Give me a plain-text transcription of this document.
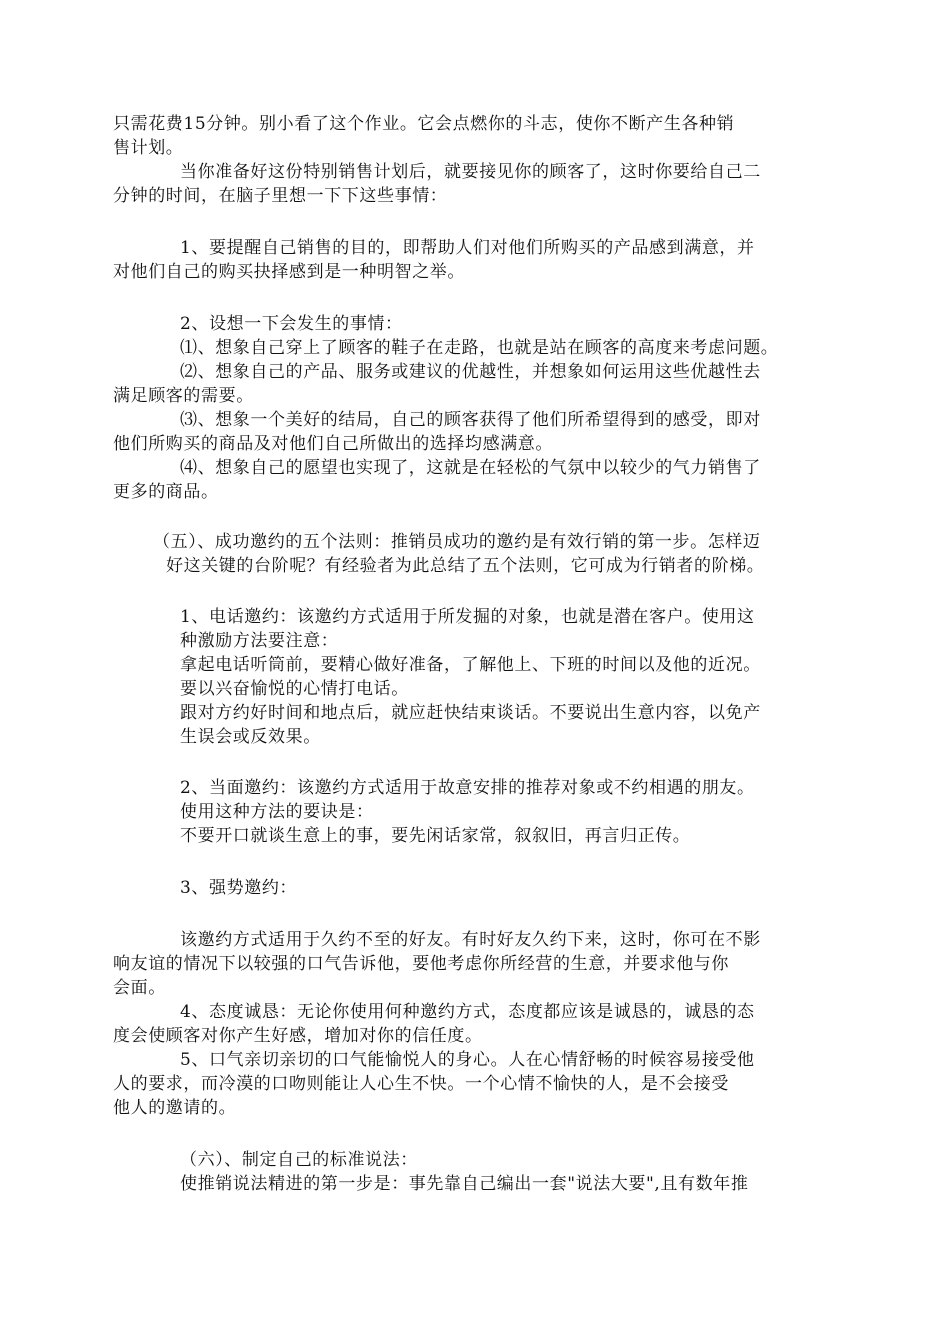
只需花费15分钟。别小看了这个作业。它会点燃你的斗志，使你不断产生各种销
售计划。
当你准备好这份特别销售计划后，就要接见你的顾客了，这时你要给自己二
分钟的时间，在脑子里想一下下这些事情：
1、要提醒自己销售的目的，即帮助人们对他们所购买的产品感到满意，并
对他们自己的购买抉择感到是一种明智之举。
2、设想一下会发生的事情：
⑴、想象自己穿上了顾客的鞋子在走路，也就是站在顾客的高度来考虑问题。
⑵、想象自己的产品、服务或建议的优越性，并想象如何运用这些优越性去
满足顾客的需要。
⑶、想象一个美好的结局，自己的顾客获得了他们所希望得到的感受，即对
他们所购买的商品及对他们自己所做出的选择均感满意。
⑷、想象自己的愿望也实现了，这就是在轻松的气氛中以较少的气力销售了
更多的商品。
（五）、成功邀约的五个法则：推销员成功的邀约是有效行销的第一步。怎样迈
好这关键的台阶呢？有经验者为此总结了五个法则，它可成为行销者的阶梯。
1、电话邀约：该邀约方式适用于所发掘的对象，也就是潜在客户。使用这
种激励方法要注意：
拿起电话听筒前，要精心做好准备，了解他上、下班的时间以及他的近况。
要以兴奋愉悦的心情打电话。
跟对方约好时间和地点后，就应赶快结束谈话。不要说出生意内容，以免产
生误会或反效果。
2、当面邀约：该邀约方式适用于故意安排的推荐对象或不约相遇的朋友。
使用这种方法的要诀是：
不要开口就谈生意上的事，要先闲话家常，叙叙旧，再言归正传。
3、强势邀约：
该邀约方式适用于久约不至的好友。有时好友久约下来，这时，你可在不影
响友谊的情况下以较强的口气告诉他，要他考虑你所经营的生意，并要求他与你
会面。
4、态度诚恳：无论你使用何种邀约方式，态度都应该是诚恳的，诚恳的态
度会使顾客对你产生好感，增加对你的信任度。
5、口气亲切亲切的口气能愉悦人的身心。人在心情舒畅的时候容易接受他
人的要求，而冷漠的口吻则能让人心生不快。一个心情不愉快的人，是不会接受
他人的邀请的。
（六）、制定自己的标准说法：
使推销说法精进的第一步是：事先靠自己编出一套"说法大要",且有数年推
